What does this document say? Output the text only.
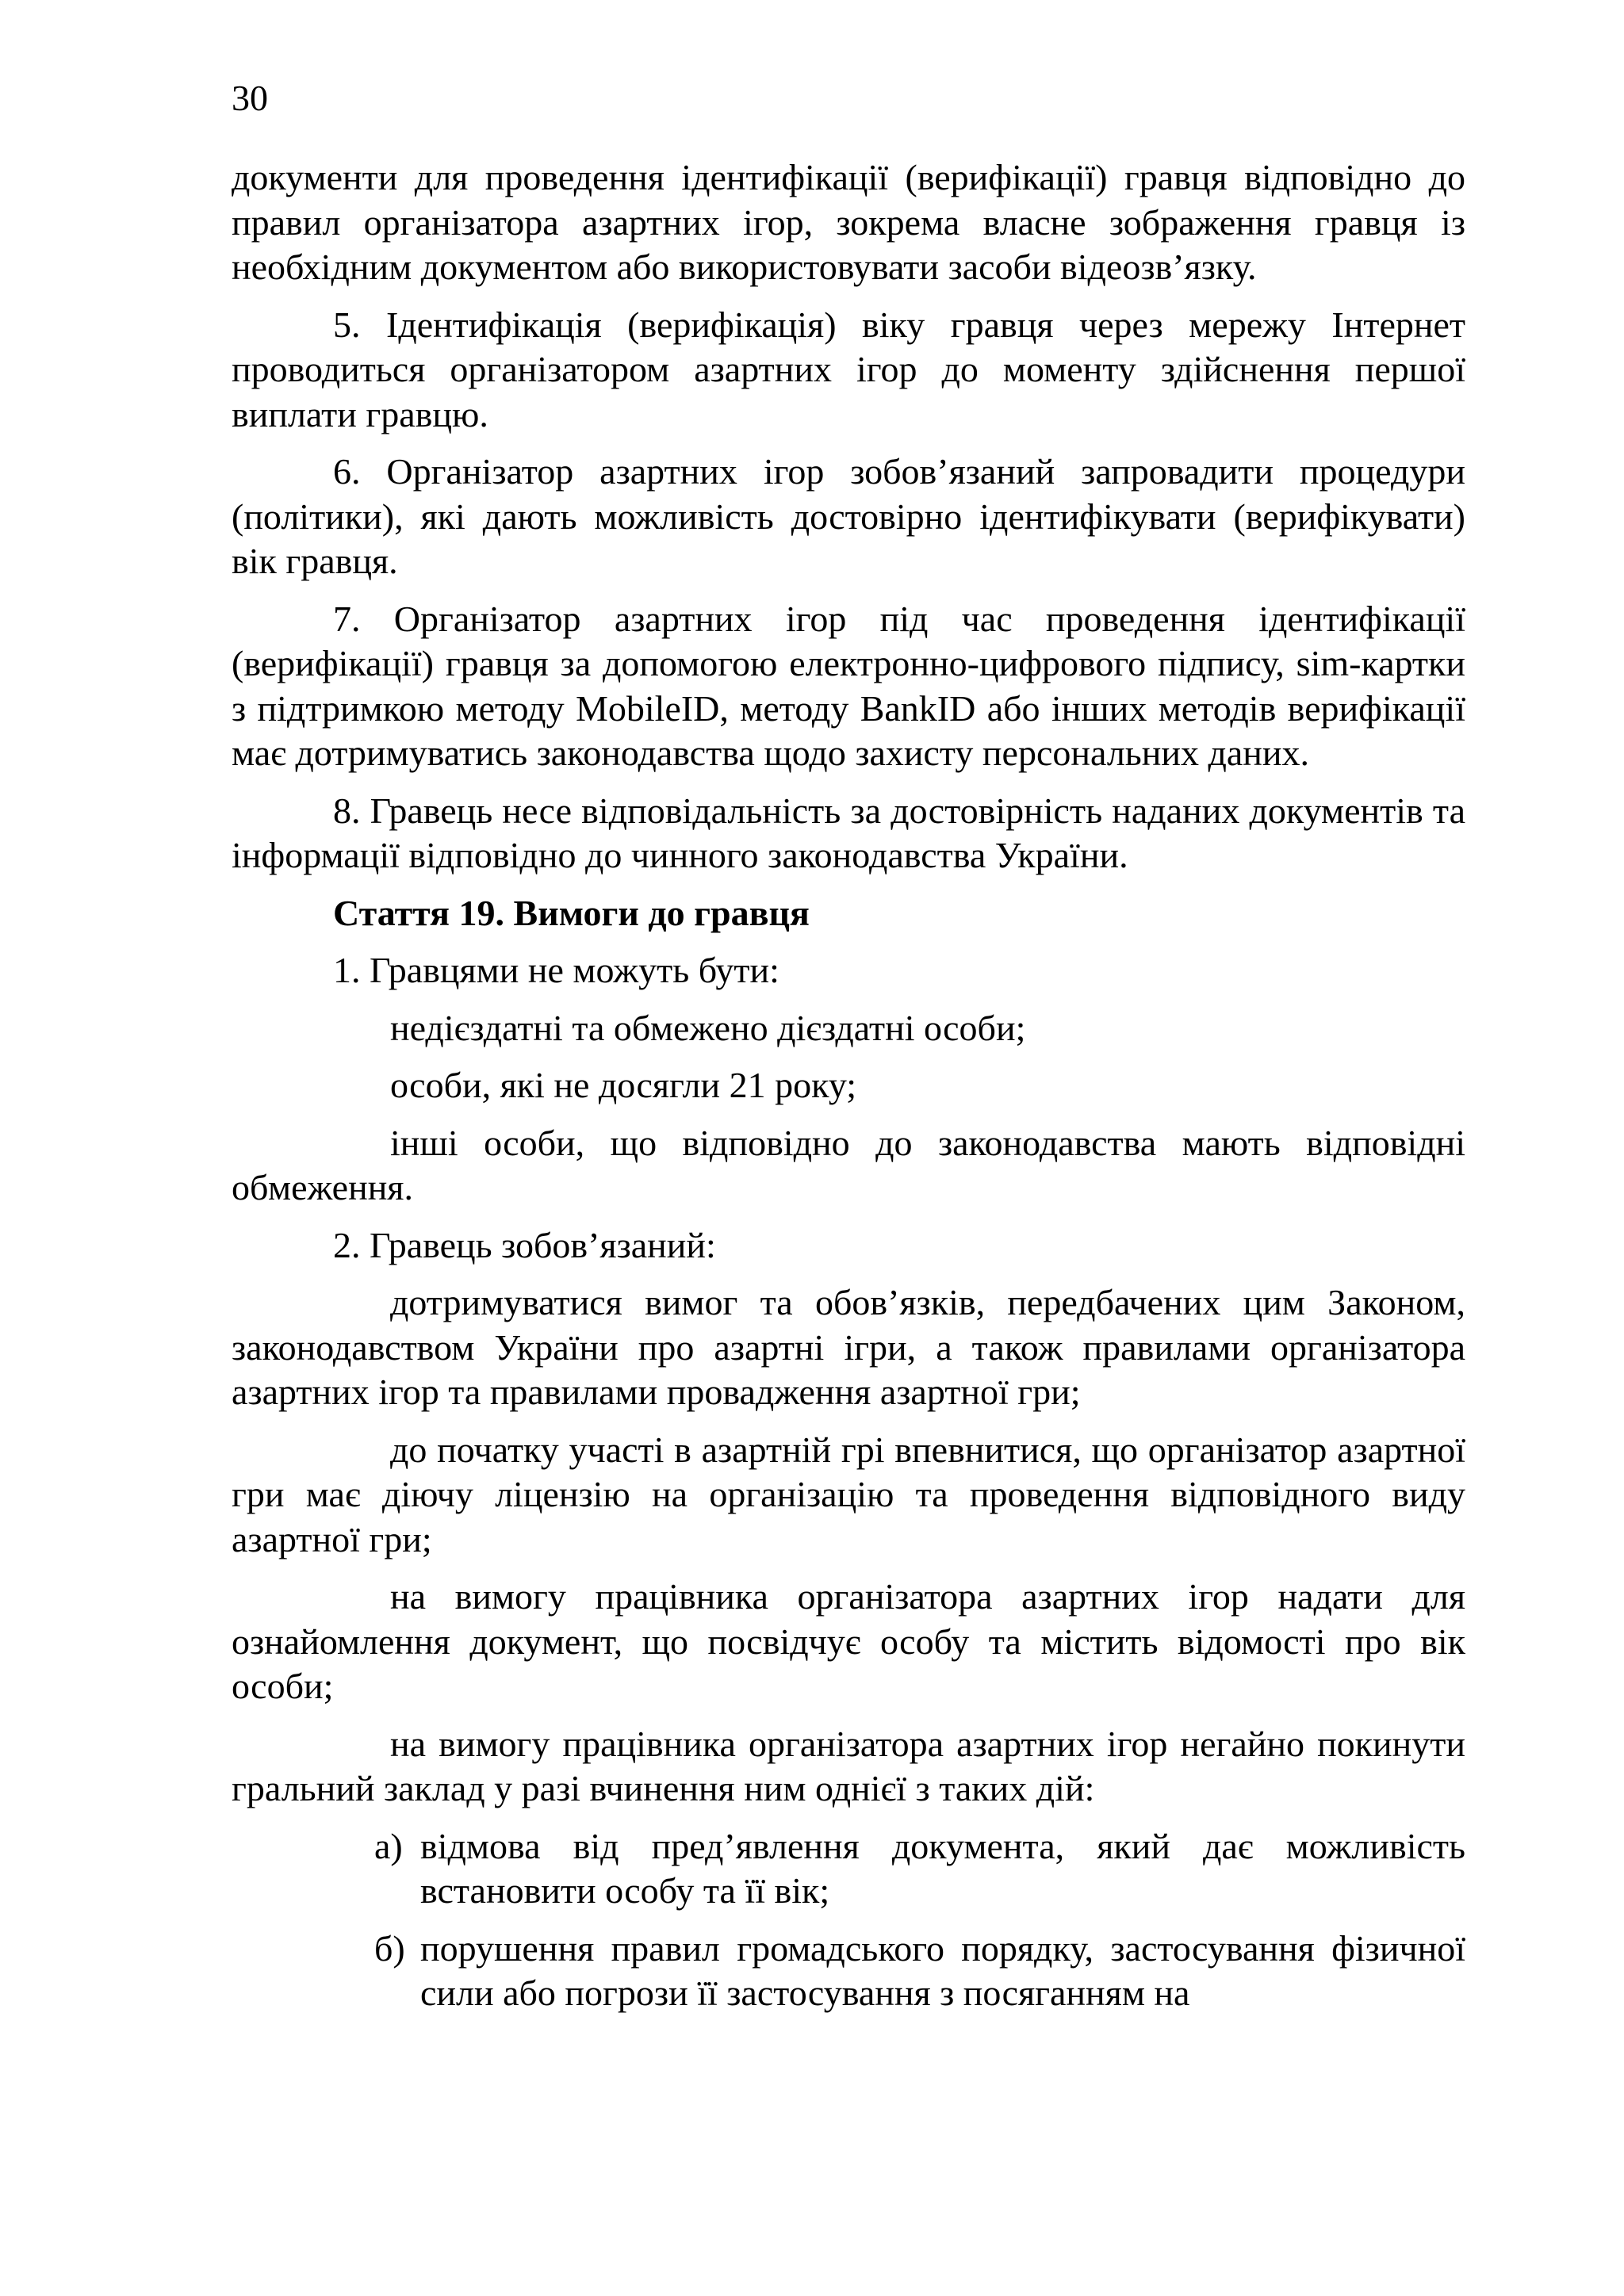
30

документи для проведення ідентифікації (верифікації) гравця відповідно до правил організатора азартних ігор, зокрема власне зображення гравця із необхідним документом або використовувати засоби відеозв’язку.

5. Ідентифікація (верифікація) віку гравця через мережу Інтернет проводиться організатором азартних ігор до моменту здійснення першої виплати гравцю.

6. Організатор азартних ігор зобов’язаний запровадити процедури (політики), які дають можливість достовірно ідентифікувати (верифікувати) вік гравця.

7. Організатор азартних ігор під час проведення ідентифікації (верифікації) гравця за допомогою електронно-цифрового підпису, sim-картки з підтримкою методу MobileID, методу BankID або інших методів верифікації має дотримуватись законодавства щодо захисту персональних даних.

8. Гравець несе відповідальність за достовірність наданих документів та інформації відповідно до чинного законодавства України.

Стаття 19. Вимоги до гравця

1. Гравцями не можуть бути:

недієздатні та обмежено дієздатні особи;

особи, які не досягли 21 року;

інші особи, що відповідно до законодавства мають відповідні обмеження.

2. Гравець зобов’язаний:

дотримуватися вимог та обов’язків, передбачених цим Законом, законодавством України про азартні ігри, а також правилами організатора азартних ігор та правилами провадження азартної гри;

до початку участі в азартній грі впевнитися, що організатор азартної гри має діючу ліцензію на організацію та проведення відповідного виду азартної гри;

на вимогу працівника організатора азартних ігор надати для ознайомлення документ, що посвідчує особу та містить відомості про вік особи;

на вимогу працівника організатора азартних ігор негайно покинути гральний заклад у разі вчинення ним однієї з таких дій:

а) відмова від пред’явлення документа, який дає можливість встановити особу та її вік;
б) порушення правил громадського порядку, застосування фізичної сили або погрози її застосування з посяганням на
